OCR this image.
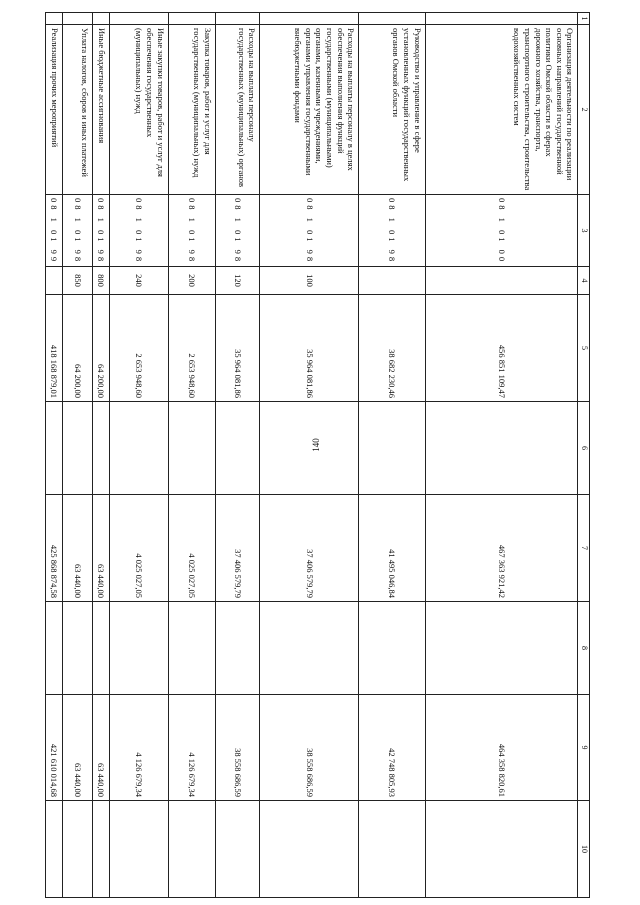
140
1	2	3	4	5	6	7	8	9	10
	Организация деятельности по реализации основных направлений государственной политики Омской области в сферах дорожного хозяйства, транспорта, транспортного строительства, строительства водохозяйственных систем	08 1 01 00		456 851 109,47		467 363 921,42		464 358 820,61	
	Руководство и управление в сфере установленных функций государственных органов Омской области	08 1 01 98		38 682 230,46		41 495 046,84		42 748 805,93	
	Расходы на выплаты персоналу в целях обеспечения выполнения функций государственными (муниципальными) органами, казенными учреждениями, органами управления государственными внебюджетными фондами	08 1 01 98	100	35 964 081,86		37 406 579,79		38 558 686,59	
	Расходы на выплаты персоналу государственных (муниципальных) органов	08 1 01 98	120	35 964 081,86		37 406 579,79		38 558 686,59	
	Закупка товаров, работ и услуг для государственных (муниципальных) нужд	08 1 01 98	200	2 653 948,60		4 025 027,05		4 126 679,34	
	Иные закупки товаров, работ и услуг для обеспечения государственных (муниципальных) нужд	08 1 01 98	240	2 653 948,60		4 025 027,05		4 126 679,34	
	Иные бюджетные ассигнования	08 1 01 98	800	64 200,00		63 440,00		63 440,00	
	Уплата налогов, сборов и иных платежей	08 1 01 98	850	64 200,00		63 440,00		63 440,00	
	Реализация прочих мероприятий	08 1 01 99		418 168 879,01		425 868 874,58		421 610 014,68	
